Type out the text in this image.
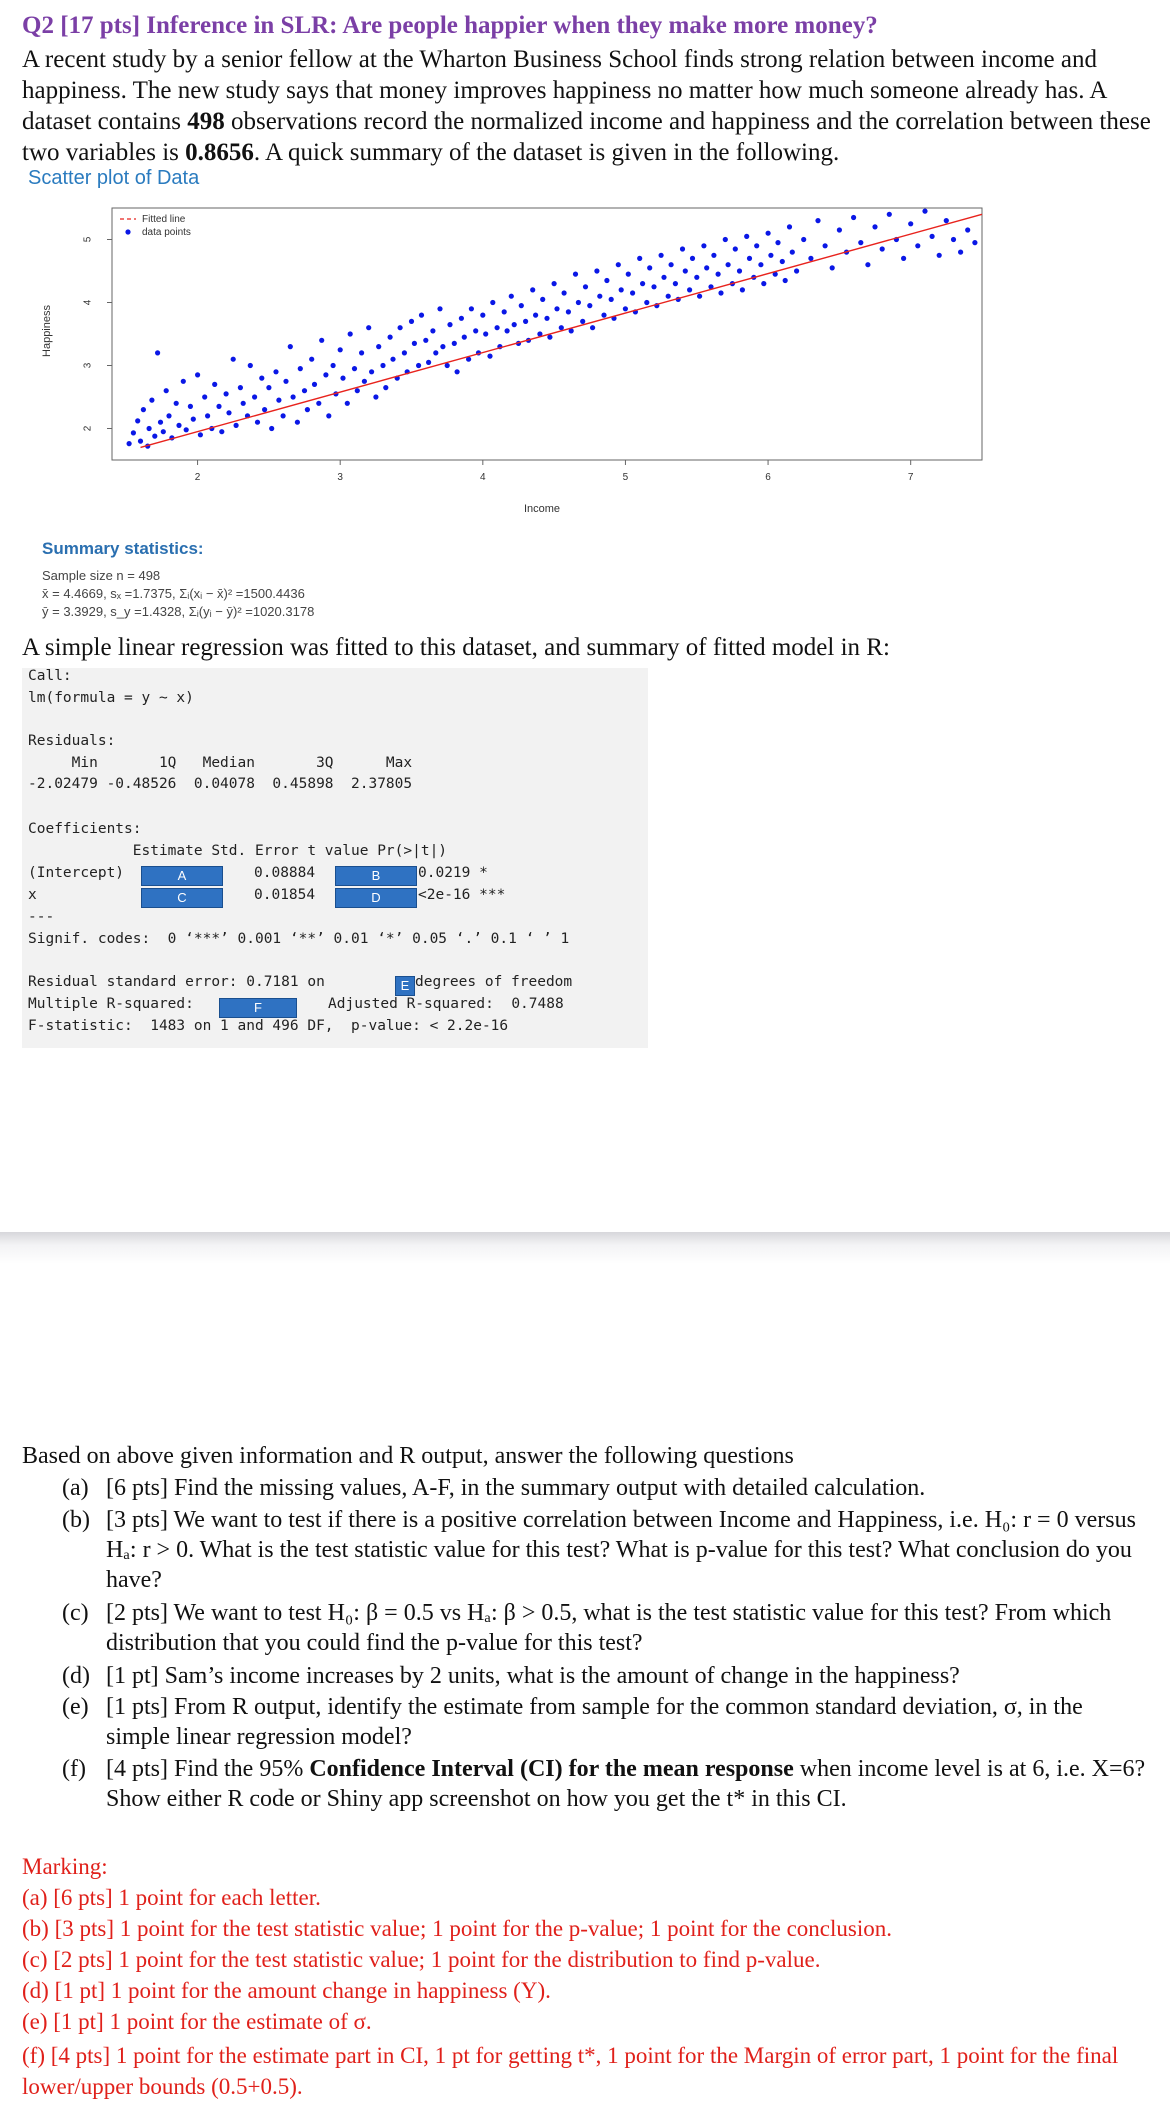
Q2 [17 pts] Inference in SLR: Are people happier when they make more money?
A recent study by a senior fellow at the Wharton Business School finds strong relation between income and happiness. The new study says that money improves happiness no matter how much someone already has. A dataset contains 498 observations record the normalized income and happiness and the correlation between these two variables is 0.8656. A quick summary of the dataset is given in the following.
Scatter plot of Data
2	3	4	5	6	7
2
3
4
5
Income
Happiness
Fitted line
data points
Summary statistics:
Sample size n = 498
x̄ = 4.4669, sₓ =1.7375, Σᵢ(xᵢ − x̄)² =1500.4436
ȳ = 3.3929, s_y =1.4328, Σᵢ(yᵢ − ȳ)² =1020.3178
A simple linear regression was fitted to this dataset, and summary of fitted model in R:
Call:
lm(formula = y ~ x)
Residuals:
Min       1Q   Median       3Q      Max
-2.02479 -0.48526  0.04078  0.45898  2.37805
Coefficients:
Estimate Std. Error t value Pr(>|t|)
(Intercept)	A	0.08884	B	0.0219 *
x	C	0.01854	D	<2e-16 ***
---
Signif. codes:  0 ‘***’ 0.001 ‘**’ 0.01 ‘*’ 0.05 ‘.’ 0.1 ‘ ’ 1
Residual standard error: 0.7181 on	E degrees of freedom
Multiple R-squared:	F	Adjusted R-squared:  0.7488
F-statistic:  1483 on 1 and 496 DF,  p-value: < 2.2e-16
Based on above given information and R output, answer the following questions
(a) [6 pts] Find the missing values, A-F, in the summary output with detailed calculation.
(b) [3 pts] We want to test if there is a positive correlation between Income and Happiness, i.e. H₀: r = 0 versus Hₐ: r > 0. What is the test statistic value for this test? What is p-value for this test? What conclusion do you have?
(c) [2 pts] We want to test H₀: β = 0.5 vs Hₐ: β > 0.5, what is the test statistic value for this test? From which distribution that you could find the p-value for this test?
(d) [1 pt] Sam’s income increases by 2 units, what is the amount of change in the happiness?
(e) [1 pts] From R output, identify the estimate from sample for the common standard deviation, σ, in the simple linear regression model?
(f) [4 pts] Find the 95% Confidence Interval (CI) for the mean response when income level is at 6, i.e. X=6? Show either R code or Shiny app screenshot on how you get the t* in this CI.
Marking:
(a) [6 pts] 1 point for each letter.
(b) [3 pts] 1 point for the test statistic value; 1 point for the p-value; 1 point for the conclusion.
(c) [2 pts] 1 point for the test statistic value; 1 point for the distribution to find p-value.
(d) [1 pt] 1 point for the amount change in happiness (Y).
(e) [1 pt] 1 point for the estimate of σ.
(f) [4 pts] 1 point for the estimate part in CI, 1 pt for getting t*, 1 point for the Margin of error part, 1 point for the final lower/upper bounds (0.5+0.5).
